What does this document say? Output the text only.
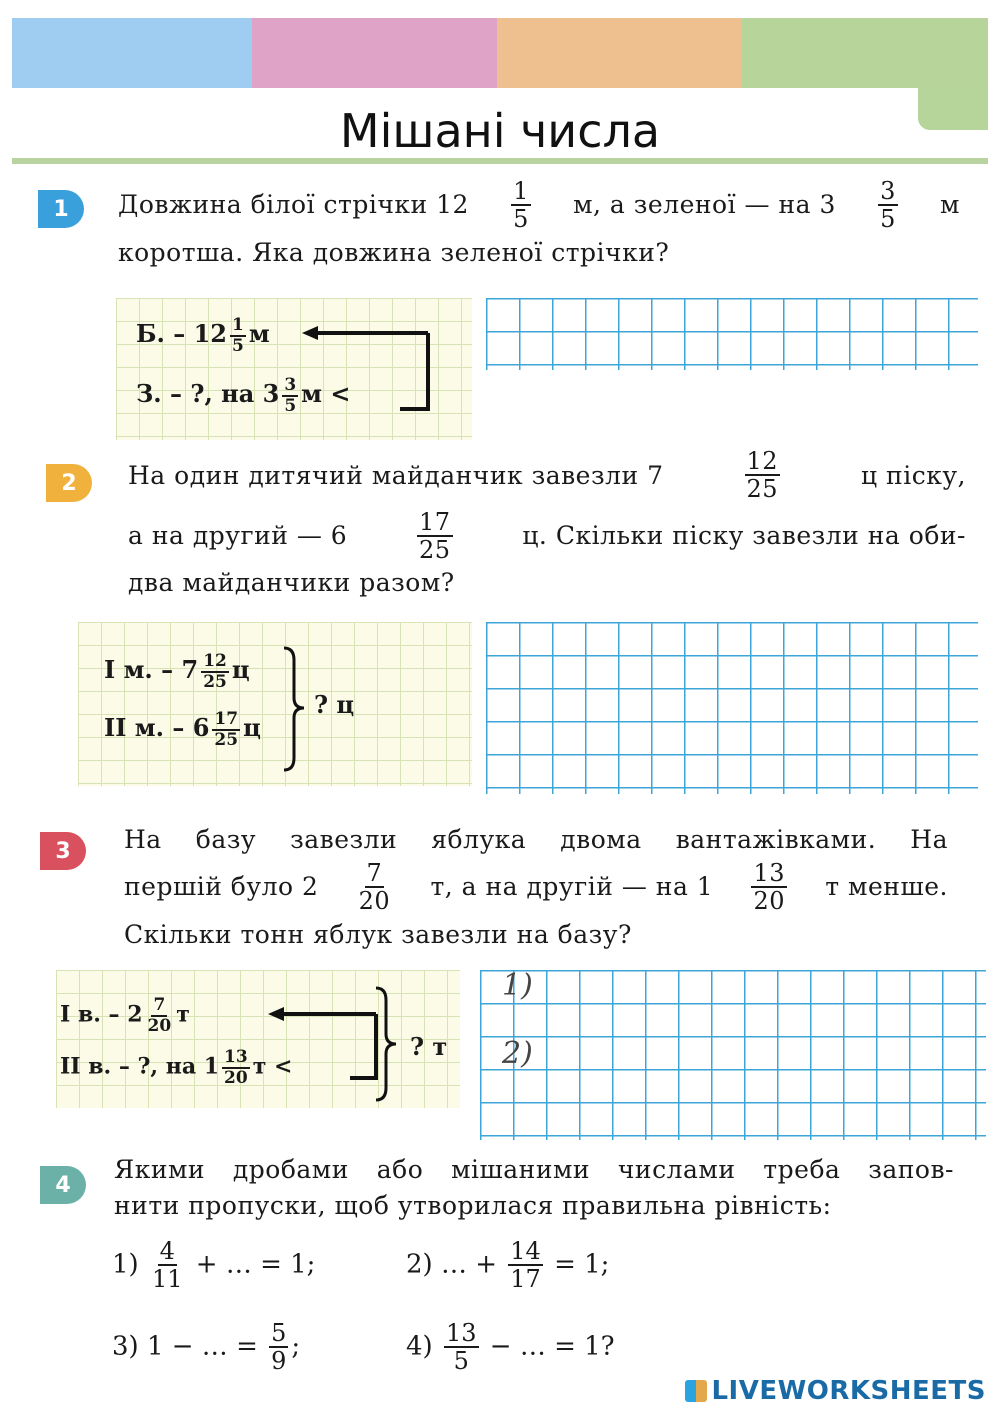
Мішані числа
1 Довжина білої стрічки $12 \frac{1}{5} м$, а зеленої — на $3 \frac{3}{5}$ м
коротша. Яка довжина зеленої стрічки?
Б. – $12 \frac{1}{5}$ м
З. – ?, на $3 \frac{3}{5}$ м <
2 На один дитячий майданчик завезли 7	$\frac{12}{25}$	ц піску,
а на другий — 6	$\frac{17}{25}$	ц. Скільки піску завезли на оби-
два майданчики разом?
І м. – $7 \frac{12}{25}$ ц
ІІ м. – $6 \frac{17}{25}$ ц
? ц
3 На базу завезли яблука двома вантажівками. На
першій було $2 \frac{7}{20} т$, а на другій — на $1 \frac{13}{20}$ т менше.
Скільки тонн яблук завезли на базу?
І в. – $2 \frac{7}{20}$ т
ІІ в. – ?, на $1 \frac{13}{20}$ т <
? т
1)
2)
4
Якими дробами або мішаними числами треба запов-
нити пропуски, щоб утворилася правильна рівність:
$1) \frac{4}{11}$ + … = 1;	2) … + $\frac{14}{17} = 1$;
3) 1 − … = $\frac{5}{9}$ ;	$4) \frac{13}{5}$ − … = 1?
LIVEWORKSHEETS
